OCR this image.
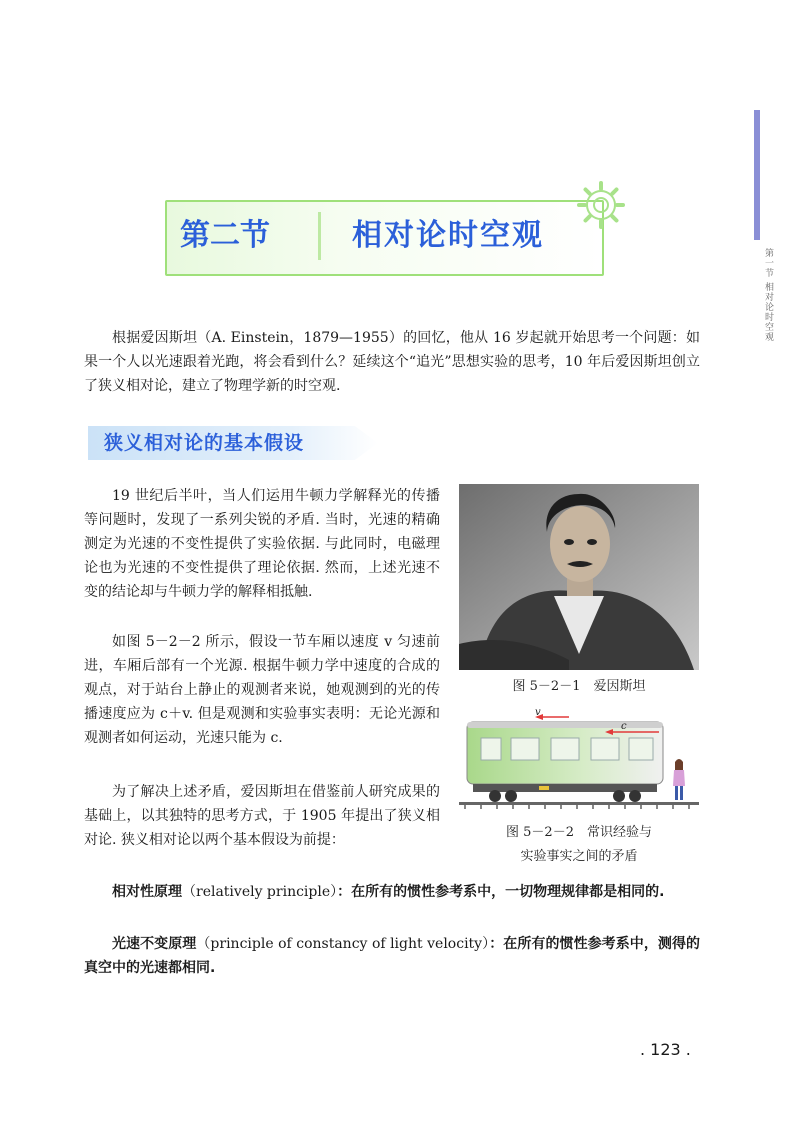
第一节 相对论时空观
第二节	相对论时空观
根据爱因斯坦（A. Einstein，1879—1955）的回忆，他从 16 岁起就开始思考一个问题：如果一个人以光速跟着光跑，将会看到什么？延续这个“追光”思想实验的思考，10 年后爱因斯坦创立了狭义相对论，建立了物理学新的时空观.
狭义相对论的基本假设
19 世纪后半叶，当人们运用牛顿力学解释光的传播等问题时，发现了一系列尖锐的矛盾. 当时，光速的精确测定为光速的不变性提供了实验依据. 与此同时，电磁理论也为光速的不变性提供了理论依据. 然而，上述光速不变的结论却与牛顿力学的解释相抵触.
如图 5－2－2 所示，假设一节车厢以速度 v 匀速前进，车厢后部有一个光源. 根据牛顿力学中速度的合成的观点，对于站台上静止的观测者来说，她观测到的光的传播速度应为 c＋v. 但是观测和实验事实表明：无论光源和观测者如何运动，光速只能为 c.
为了解决上述矛盾，爱因斯坦在借鉴前人研究成果的基础上，以其独特的思考方式，于 1905 年提出了狭义相对论. 狭义相对论以两个基本假设为前提：
图 5－2－1　爱因斯坦
v
c
图 5－2－2　常识经验与
实验事实之间的矛盾
相对性原理（relatively principle）：在所有的惯性参考系中，一切物理规律都是相同的.
光速不变原理（principle of constancy of light velocity）：在所有的惯性参考系中，测得的真空中的光速都相同.
. 123 .
